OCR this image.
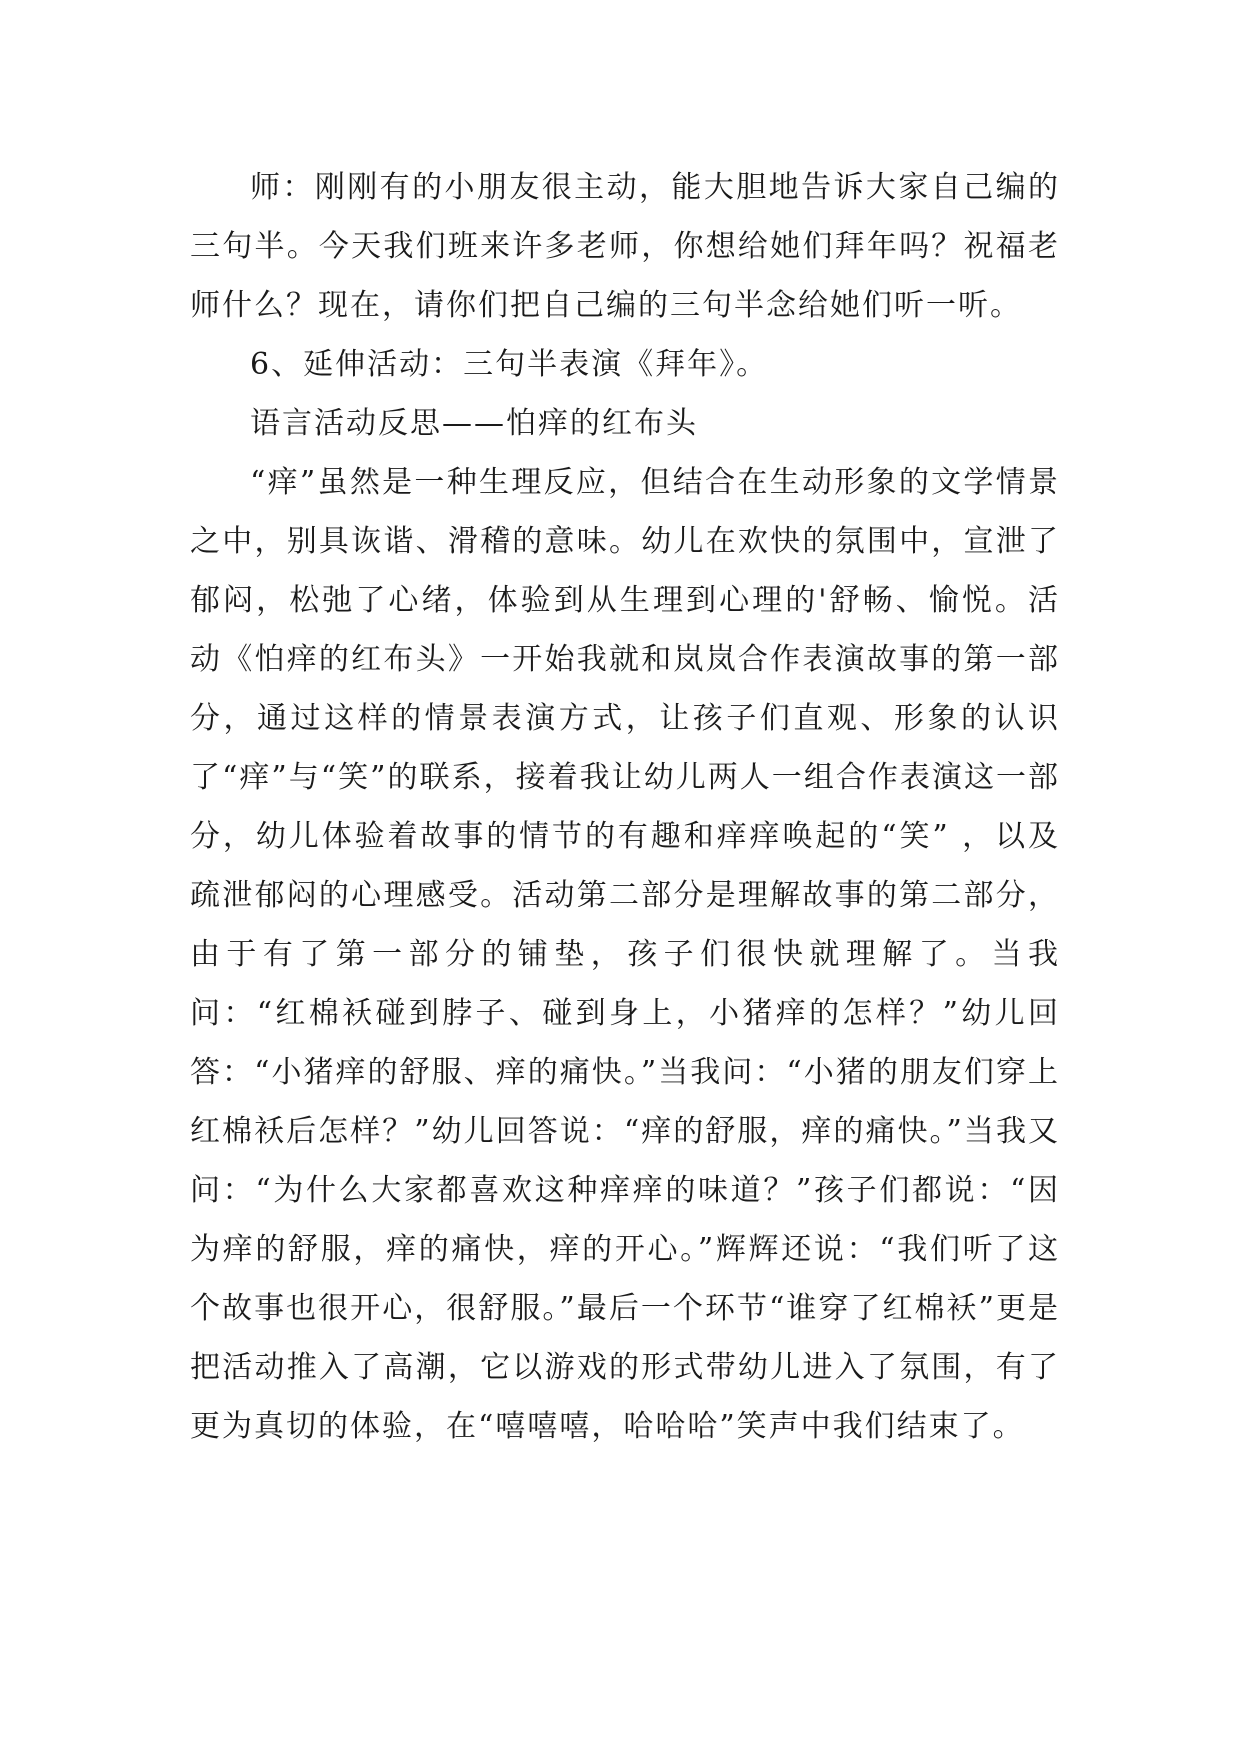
师：刚刚有的小朋友很主动，能大胆地告诉大家自己编的三句半。今天我们班来许多老师，你想给她们拜年吗？祝福老师什么？现在，请你们把自己编的三句半念给她们听一听。

6、延伸活动：三句半表演《拜年》。

语言活动反思——怕痒的红布头

“痒”虽然是一种生理反应，但结合在生动形象的文学情景之中，别具诙谐、滑稽的意味。幼儿在欢快的氛围中，宣泄了郁闷，松弛了心绪，体验到从生理到心理的'舒畅、愉悦。活动《怕痒的红布头》一开始我就和岚岚合作表演故事的第一部分，通过这样的情景表演方式，让孩子们直观、形象的认识了“痒”与“笑”的联系，接着我让幼儿两人一组合作表演这一部分，幼儿体验着故事的情节的有趣和痒痒唤起的“笑” ，以及疏泄郁闷的心理感受。活动第二部分是理解故事的第二部分，由于有了第一部分的铺垫，孩子们很快就理解了。当我问：“红棉袄碰到脖子、碰到身上，小猪痒的怎样？”幼儿回答：“小猪痒的舒服、痒的痛快。”当我问：“小猪的朋友们穿上红棉袄后怎样？”幼儿回答说：“痒的舒服，痒的痛快。”当我又问：“为什么大家都喜欢这种痒痒的味道？”孩子们都说：“因为痒的舒服，痒的痛快，痒的开心。”辉辉还说：“我们听了这个故事也很开心，很舒服。”最后一个环节“谁穿了红棉袄”更是把活动推入了高潮，它以游戏的形式带幼儿进入了氛围，有了更为真切的体验，在“嘻嘻嘻，哈哈哈”笑声中我们结束了。
